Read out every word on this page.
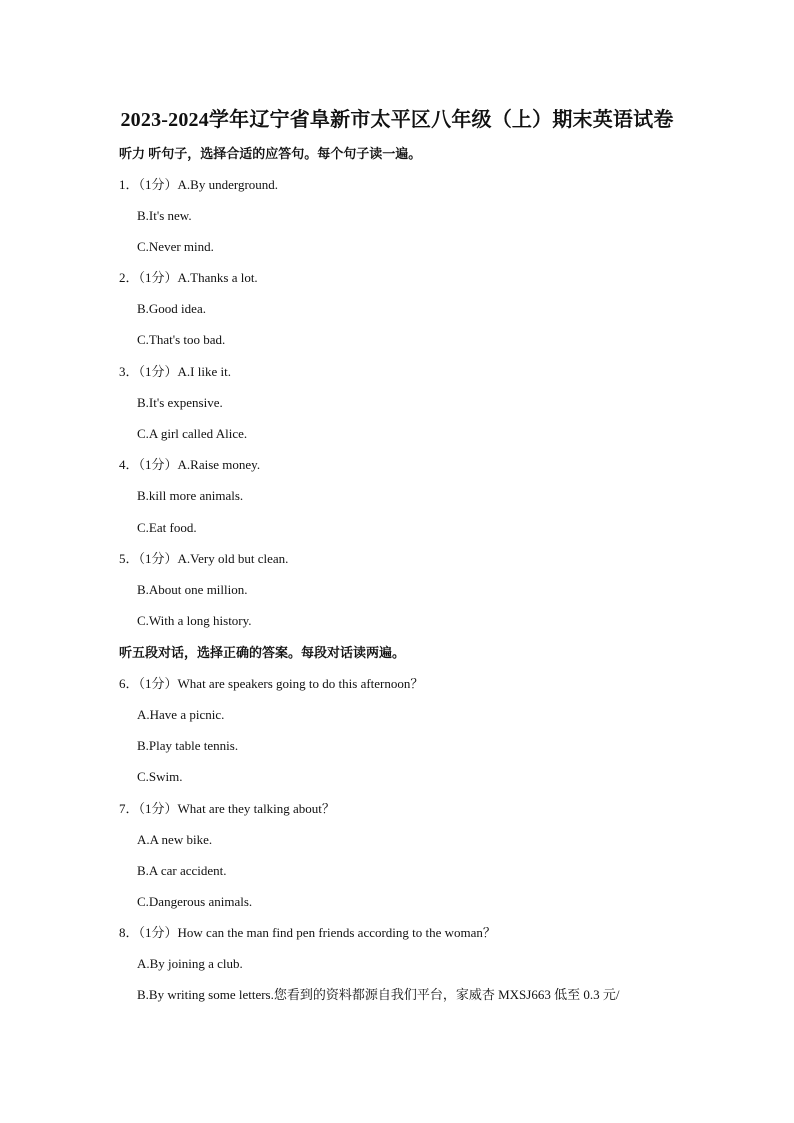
2023-2024学年辽宁省阜新市太平区八年级（上）期末英语试卷
听力 听句子，选择合适的应答句。每个句子读一遍。
1．（1分）A.By underground.
B.It's new.
C.Never mind.
2．（1分）A.Thanks a lot.
B.Good idea.
C.That's too bad.
3．（1分）A.I like it.
B.It's expensive.
C.A girl called Alice.
4．（1分）A.Raise money.
B.kill more animals.
C.Eat food.
5．（1分）A.Very old but clean.
B.About one million.
C.With a long history.
听五段对话，选择正确的答案。每段对话读两遍。
6．（1分）What are speakers going to do this afternoon？
A.Have a picnic.
B.Play table tennis.
C.Swim.
7．（1分）What are they talking about？
A.A new bike.
B.A car accident.
C.Dangerous animals.
8．（1分）How can the man find pen friends according to the woman？
A.By joining a club.
B.By writing some letters.您看到的资料都源自我们平台，家威杏 MXSJ663 低至 0.3 元/
